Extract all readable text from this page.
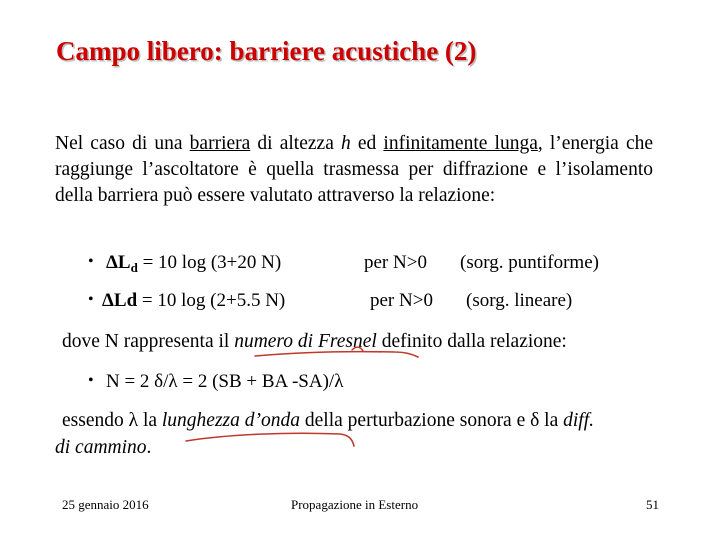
Campo libero: barriere acustiche (2)
Nel caso di una barriera di altezza h ed infinitamente lunga, l’energia che raggiunge l’ascoltatore è quella trasmessa per diffrazione e l’isolamento della barriera può essere valutato attraverso la relazione:
• $\Delta L_d = 10$ log (3+20 N)	per N>0 (sorg. puntiforme)
• ΔLd = 10 log (2+5.5 N)	per N>0 (sorg. lineare)
dove N rappresenta il numero di Fresnel definito dalla relazione:
• N = 2 δ/λ = 2 (SB + BA -SA)/λ
essendo λ la lunghezza d’onda della perturbazione sonora e δ la diff.
di cammino.
25 gennaio 2016	Propagazione in Esterno	51
